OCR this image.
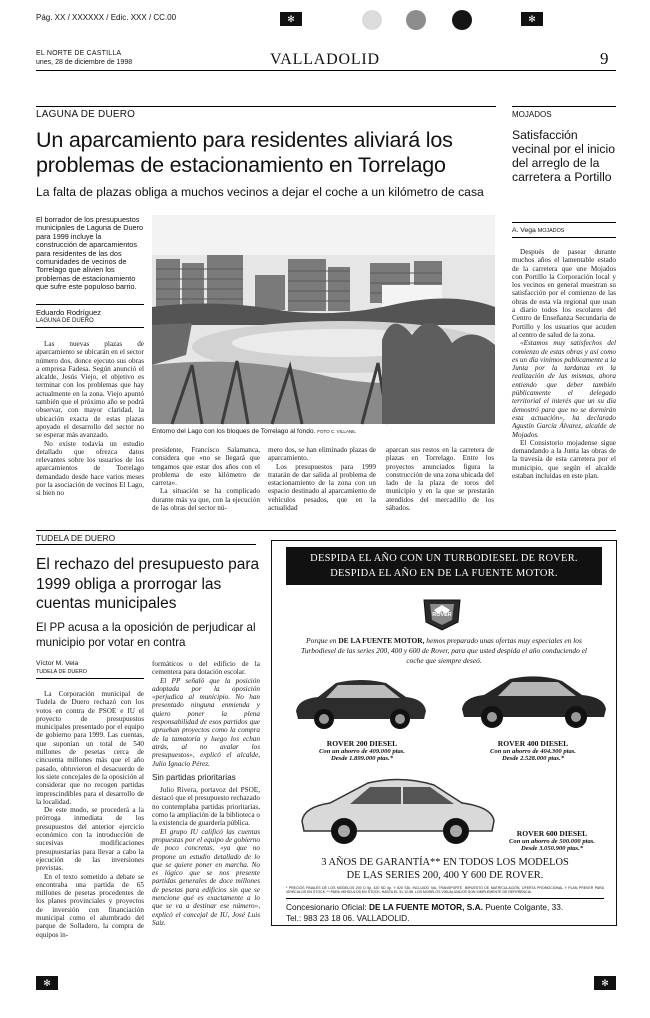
Pág. XX / XXXXXX / Edic. XXX / CC.00	✻	✻
EL NORTE DE CASTILLA
unes, 28 de diciembre de 1998	VALLADOLID	9
LAGUNA DE DUERO
Un aparcamiento para residentes aliviará los problemas de estacionamiento en Torrelago
La falta de plazas obliga a muchos vecinos a dejar el coche a un kilómetro de casa
El borrador de los presupuestos municipales de Laguna de Duero para 1999 incluye la construcción de aparcamientos para residentes de las dos comunidades de vecinos de Torrelago que alivien los problemas de estacionamiento que sufre este populoso barrio.
Eduardo Rodríguez
LAGUNA DE DUERO

Las nuevas plazas de aparcamiento se ubicarán en el sector número dos, donce ejecuto sus obras a empresa Fadesa. Según anunció el alcalde, Jesús Viejo, el objetivo es terminar con los problemas que hay actualmente en la zona. Viejo apuntó también que el próximo año se podrá observar, con mayor claridad, la ubicación exacta de estas plazas apoyado el desarrollo del sector no se esperar más avanzado.

No existe todavía un estudio detallado que ofrezca datos relevantes sobre los usuarios de los aparcamientos de Torrelago demandado desde hace varios meses por la asociación de vecinos El Lago, si bien no

Entorno del Lago con los bloques de Torrelago al fondo. FOTO C. VILLANIL

presidente, Francisco Salamanca, considera que «no se llegará que tengamos que estar dos años con el problema de este kilómetro de carreta».

La situación se ha complicado durante más ya que, con la ejecución de las obras del sector nú-

mero dos, se han eliminado plazas de aparcamiento.

Los presupuestos para 1999 tratarán de dar salida al problema de estacionamiento de la zona con un espacio destinado al aparcamiento de vehículos pesados, que en la actualidad

aparcan sus restos en la carretera de plazas en Torrelago. Entre los proyectos anunciados figura la construcción de una zona ubicada del lado de la plaza de toros del municipio y en la que se prestarán atendidos del mercadillo de los sábados.

MOJADOS
Satisfacción vecinal por el inicio del arreglo de la carretera a Portillo
A. Vega MOJADOS

Después de pasear durante muchos años el lamentable estado de la carretera que une Mojados con Portillo la Corporación local y los vecinos en general muestran su satisfacción por el comienzo de las obras de esta vía regional que usan a diario todos los escolares del Centro de Enseñanza Secundaria de Portillo y los usuarios que acuden al centro de salud de la zona.

«Estamos muy satisfechos del comienzo de estas obras y así como es un día vinimos publicamente a la Junta por la tardanza en la realización de las mismas, ahora entiendo que deber también públicamente el delegado territorial el interés que un su día demostró para que no se dormirán esta actuación», ha declarado Agustín García Álvarez, alcalde de Mojados.

El Consistorio mojadense sigue demandando a la Junta las obras de la travesía de esta carretera por el municipio, que según el alcalde estaban incluidas en este plan.

TUDELA DE DUERO
El rechazo del presupuesto para 1999 obliga a prorrogar las cuentas municipales
El PP acusa a la oposición de perjudicar al municipio por votar en contra
Víctor M. Vela
TUDELA DE DUERO

La Corporación municipal de Tudela de Duero rechazó con los votos en contra de PSOE e IU el proyecto de presupuestos municipales presentado por el equipo de gobierno para 1999. Las cuentas, que suponían un total de 540 millones de pesetas cerca de cincuenta millones más que el año pasado, obtuvieron el desacuerdo de los siete concejales de la oposición al considerar que no recogen partidas imprescindibles para el desarrollo de la localidad.

De este modo, se procederá a la prórroga inmediata de los presupuestos del anterior ejercicio económico con la introducción de sucesivas modificaciones presupuestarias para llevar a cabo la ejecución de las inversiones previstas.

En el texto sometido a debate se encontraba una partida de 65 millones de pesetas procedentes de los planes provinciales y proyectos de inversión con financiación municipal como el alumbrado del parque de Solladero, la compra de equipos in-

formáticos o del edificio de la cementera para dotación escolar.

El PP señaló que la posición adoptada por la oposición «perjudica al municipio. No han presentado ninguna enmienda y quiero poner la plena responsabilidad de esos partidos que aprueban proyectos como la compra de la tamatoria y luego los echan atrás, al no avalar los presupuestos», explicó el alcalde, Julio Ignacio Pérez.

Sin partidas prioritarias

Julio Rivera, portavoz del PSOE, destacó que el presupuesto rechazado no contemplaba partidas prioritarias, como la ampliación de la biblioteca o la existencia de guardería pública.

El grupo IU calificó las cuentas propuestas por el equipo de gobierno de poco concretas, «ya que no propone un estudio detallado de lo que se quiere poner en marcha. No es lógico que se nos presente partidas generales de doce millones de pesetas para edificios sin que se mencione qué es exactamente a lo que se va a destinar ese número», explicó el concejal de IU, José Luis Saiz.

DESPIDA EL AÑO CON UN TURBODIESEL DE ROVER.
DESPIDA EL AÑO EN DE LA FUENTE MOTOR.
ROVER
Porque en DE LA FUENTE MOTOR, hemos preparado unas ofertas muy especiales en los Turbodiesel de las series 200, 400 y 600 de Rover, para que usted despida el año conduciendo el coche que siempre deseó.
ROVER 200 DIESEL
Con un ahorro de 409.000 ptas.
Desde 1.899.000 ptas.*
ROVER 400 DIESEL
Con un ahorro de 404.300 ptas.
Desde 2.528.000 ptas.*
ROVER 600 DIESEL
Con un ahorro de 500.000 ptas.
Desde 3.050.900 ptas.*
3 AÑOS DE GARANTÍA** EN TODOS LOS MODELOS
DE LAS SERIES 200, 400 Y 600 DE ROVER.
* PRECIOS FINALES DE LOS MODELOS 200 D 5p, 420 SD 4p. Y 620 SDi, INCLUIDO IVA, TRANSPORTE, IMPUESTO DE MATRICULACIÓN, OFERTA PROMOCIONAL Y PLAN PREVER PARA VEHÍCULOS EN STOCK. ** PARA VEHÍCULOS EN STOCK, HASTA EL 31-12-98. LOS MODELOS VISUALIZADOS SON SIMPLEMENTE DE REFERENCIA.
Concesionario Oficial: DE LA FUENTE MOTOR, S.A. Puente Colgante, 33.
Tel.: 983 23 18 06. VALLADOLID.
✻	✻
